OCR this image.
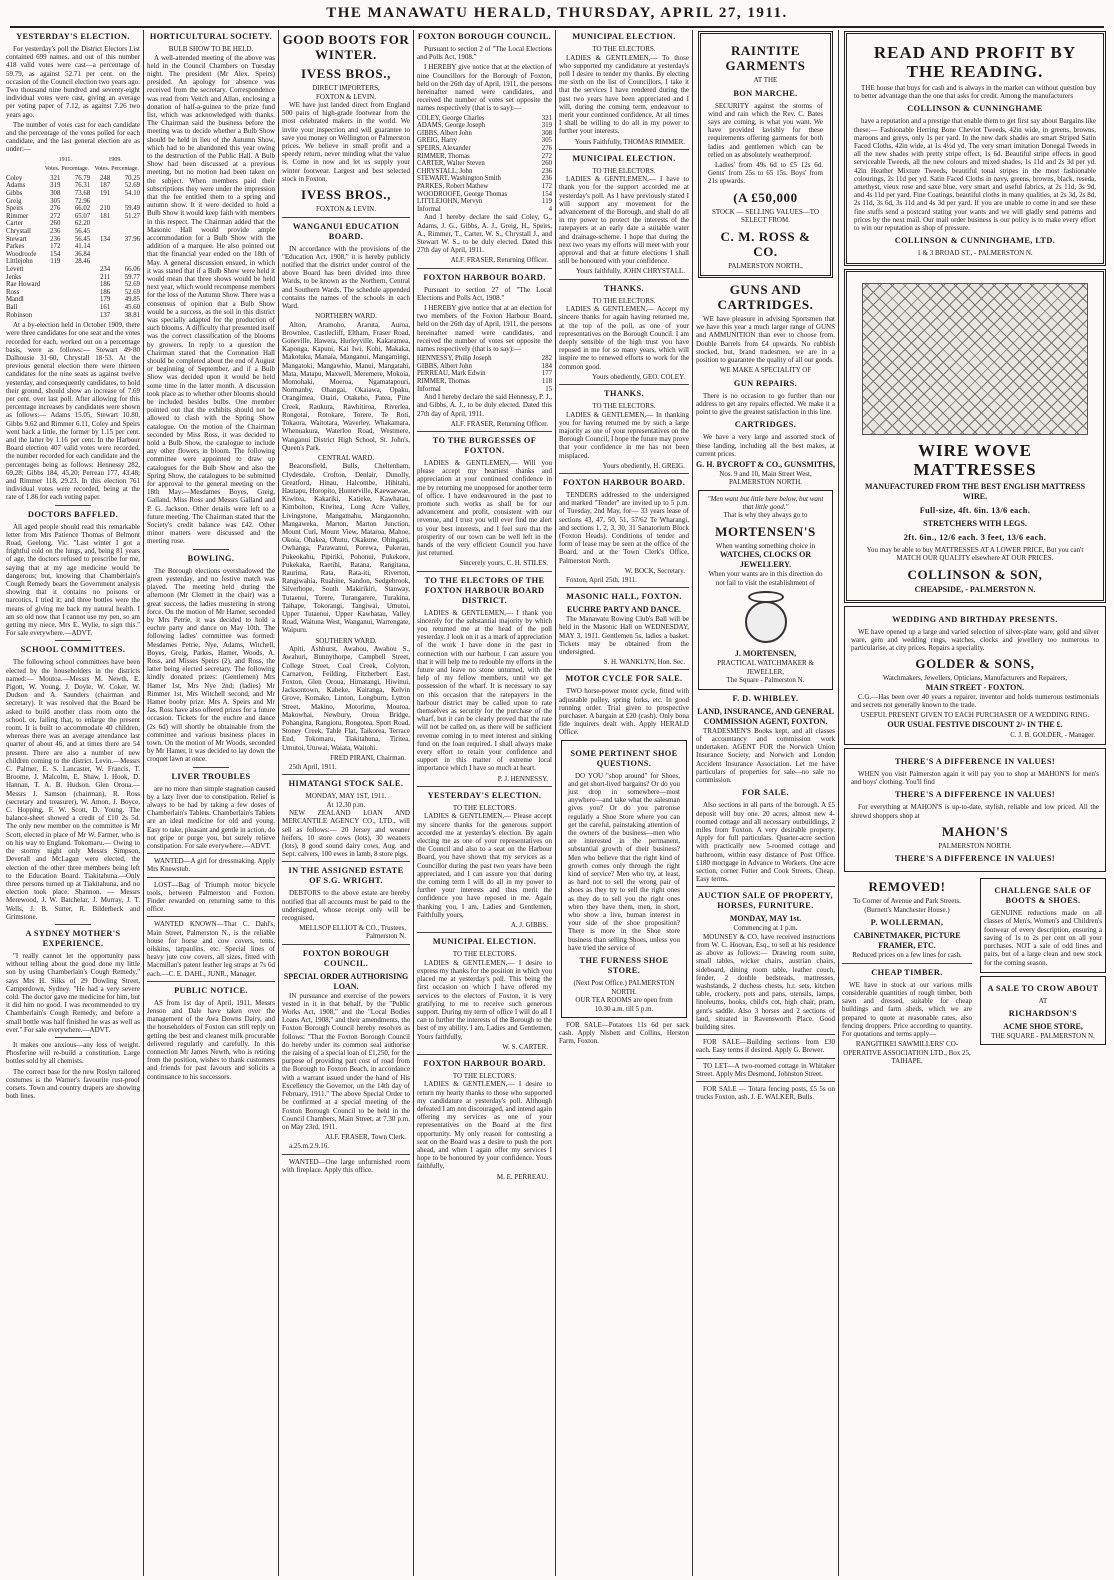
THE MANAWATU HERALD, THURSDAY, APRIL 27, 1911.
YESTERDAY'S ELECTION.
For yesterday's poll the District Electors List contained 699 names, and out of this number 418 valid votes were cast—a percentage of 59.79, as against 52.71 per cent. on the occasion of the Council election two years ago. Two thousand nine hundred and seventy-eight individual votes were cast, giving an average per voting paper of 7.12, as against 7.26 two years ago.
The number of votes cast for each candidate and the percentage of the votes polled for each candidate, and the last general election are as under:—
	1911.		1909.	
	Votes.	Percentage.	Votes.	Percentage.
Coley	321	76.79	248	70.25
Adams	319	76.31	187	52.69
Gibbs	308	73.68	191	54.10
Greig	305	72.96		
Speirs	276	66.02	210	59.49
Rimmer	272	65.07	181	51.27
Carter	260	62.20		
Chrystall	236	56.45		
Stewart	236	56.45	134	37.96
Parkes	172	41.14		
Woodroofe	154	36.84		
Littlejohn	119	28.46		
Levett			234	66.06
Jenks			211	59.77
Rae Howard			186	52.69
Ross			186	52.69
Mandl			179	49.85
Ball			161	45.60
Robinson			137	38.81
At a by-election held in October 1909, there were three candidates for one seat and the votes recorded for each, worked out on a percentage basis, were as follows:— Stewart 49·80 Dalhousie 31·60, Chrystall 18·53. At the previous general election there were thirteen candidates for the nine seats as against twelve yesterday, and consequently candidates, to hold their ground, should show an increase of 7.69 per cent. over last poll. After allowing for this percentage increases by candidates were shown as follows:— Adams 15.05, Stewart 10.80, Gibbs 9.62 and Rimmer 6.11, Coley and Speirs went back a little, the former by 1.15 per cent. and the latter by 1.16 per cent. In the Harbour Board election 407 valid votes were recorded, the number recorded for each candidate and the percentages being as follows: Hennessy 282, 69,28; Gibbs 184, 45,20; Perreau 177, 43.48; and Rimmer 118, 29.23. In this election 761 individual votes were recorded, being at the rate of 1.86 for each voting paper.
DOCTORS BAFFLED.
All aged people should read this remarkable letter from Mrs Patience Thomas of Belmont Road, Geelong, Vic. "Last winter I got a frightful cold on the lungs, and, being 81 years of age, the doctors refused to prescribe for me, saying that at my age medicine would be dangerous; but, knowing that Chamberlain's Cough Remedy bears the Government analysis showing that it contains no poisons or narcotics, I tried it; and three bottles were the means of giving me back my natural health. I am so old now that I cannot use my pen, so am getting my niece, Mrs E. Wylie, to sign this." For sale everywhere.—ADVT.
SCHOOL COMMITTEES.
The following school committees have been elected by the householders in the districts named:— Moutoa.—Messrs M. Newth, E. Pigott, W. Young, J. Doyle, W. Coker, W. Dudson and A. Saunders (chairman and secretary). It was resolved that the Board be asked to build another class room onto the school, or, failing that, to enlarge the present room. It is built to accommodate 40 children, whereas there was an average attendance last quarter of about 46, and at times there are 54 present. There are also a number of new children coming to the district. Levin.—Messrs C. Palmer, E. S. Lancaster, W. Francis, T. Broome, J. Malcolm, E. Shaw, I. Hook, D. Hannan, T. A. B. Hudson. Glen Oroua.—Messrs J. Samson (chairman), R. Ross (secretary and treasurer), W. Amon, J. Boyce, C. Hopping, F. W. Scott, D. Young. The balance-sheet showed a credit of £10 2s 5d. The only new member on the committee is Mr Scott, elected in place of Mr W. Farmer, who is on his way to England. Tokomaru.— Owing to the stormy night only Messrs Simpson, Deverall and McLagan were elected, the election of the other three members being left to the Education Board. Tiakitahuna.—Only three persons turned up at Tiakitahuna, and no election took place. Shannon. — Messrs Merewood, J. W. Batchelar, J. Murray, J. T. Wells, J. B. Sutter, R. Bilderbeck and Grimstone.
A SYDNEY MOTHER'S EXPERIENCE.
"I really cannot let the opportunity pass without telling about the good done my little son by using Chamberlain's Cough Remedy," says Mrs H. Silks of 29 Dowling Street, Camperdown, Sydney. "He had a very severe cold. The doctor gave me medicine for him, but it did him no good. I was recommended to try Chamberlain's Cough Remedy, and before a small bottle was half finished he was as well as ever." For sale everywhere.—ADVT.
It makes one anxious—any loss of weight. Phosferine will re-build a constitution. Large bottles sold by all chemists.
The correct base for the new Roslyn tailored costumes is the Warner's favourite rust-proof corsets. Town and country drapers are showing both lines.
HORTICULTURAL SOCIETY.
BULB SHOW TO BE HELD.
A well-attended meeting of the above was held in the Council Chambers on Tuesday night. The president (Mr Alex. Speirs) presided. An apology for absence was received from the secretary. Correspondence was read from Veitch and Allan, enclosing a donation of half-a-guinea to the prize fund list, which was acknowledged with thanks. The Chairman said the business before the meeting was to decide whether a Bulb Show should be held in lieu of the Autumn Show, which had to be abandoned this year owing to the destruction of the Public Hall. A Bulb Show had been discussed at a previous meeting, but no motion had been taken on the subject. When members paid their subscriptions they were under the impression that the fee entitled them to a spring and autumn show. It it were decided to hold a Bulb Show it would keep faith with members in this respect. The Chairman added that the Masonic Hall would provide ample accommodation for a Bulb Show with the addition of a marquee. He also pointed out that the financial year ended on the 18th of May. A general discussion ensued, in which it was stated that if a Bulb Show were held it would mean that three shows would be held next year, which would recompense members for the loss of the Autumn Show. There was a consensus of opinion that a Bulb Show would be a success, as the soil in this district was specially adapted for the production of such blooms. A difficulty that presented itself was the correct classification of the blooms by growers. In reply to a question the Chairman stated that the Coronation Hall should be completed about the end of August or beginning of September, and if a Bulb Show was decided upon it would be held some time in the latter month. A discussion took place as to whether other blooms should be included besides bulbs. One member pointed out that the exhibits should not be allowed to clash with the Spring Show catalogue. On the motion of the Chairman seconded by Miss Ross, it was decided to hold a Bulb Show, the catalogue to include any other flowers in bloom. The following committee were appointed to draw up catalogues for the Bulb Show and also the Spring Show, the catalogues to be submitted for approval to the general meeting on the 18th May:—Mesdames Boyes, Greig, Galland, Miss Ross and Messrs Galland and P. G. Jackson. Other details were left to a future meeting. The Chairman stated that the Society's credit balance was £42. Other minor matters were discussed and the meeting rose.
BOWLING.
The Borough elections overshadowed the green yesterday, and no festive match was played. The meeting held during the afternoon (Mr Clemett in the chair) was a great success, the ladies mustering in strong force. On the motion of Mr Hamer, seconded by Mrs Petrie, it was decided to hold a euchre party and dance on May 10th. The following ladies' committee was formed: Mesdames Petrie, Nye, Adams, Witchell, Boyes, Greig, Parkes, Hamer, Woods, A. Ross, and Misses Speirs (2), and Ross, the latter being elected secretary. The following kindly donated prizes: (Gentlemen) Mrs Hamer 1st, Mrs Nye 2nd; (ladies) Mr Rimmer 1st, Mrs Witchell second, and Mr Hamer booby prize. Mrs A. Speirs and Mr Jas. Ross have also offered prizes for a future occasion. Tickets for the euchre and dance (2s 6d) will shortly be obtainable from the committee and various business places in town. On the motion of Mr Woods, seconded by Mr Hamer, it was decided to lay down the croquet lawn at once.
LIVER TROUBLES
are no more than simple stagnation caused by a lazy liver due to constipation. Relief is always to be had by taking a few doses of Chamberlain's Tablets. Chamberlain's Tablets are an ideal medicine for old and young. Easy to take, pleasant and gentle in action, do not gripe or purge you, but surely relieve constipation. For sale everywhere.—ADVT.
WANTED—A girl for dressmaking. Apply Mrs Knewstub.
LOST—Bag of Triumph motor bicycle tools, between Palmerston and Foxton. Finder rewarded on returning same to this office.
WANTED KNOWN—That C. Dahl's, Main Street, Palmerston N., is the reliable house for horse and cow covers, tents, oilskins, tarpaulins, etc. Special lines of heavy jute cow covers, all sizes, fitted with Macmillan's patent leather leg straps at 7s 6d each.—C. E. DAHL, JUNR., Manager.
PUBLIC NOTICE.
AS from 1st day of April, 1911, Messrs Jenson and Dale have taken over the management of the Awa Downs Dairy, and the householders of Foxton can still reply on getting the best and cleanest milk procurable delivered regularly and carefully. In this connection Mr James Newth, who is retiring from the position, wishes to thank customers and friends for past favours and solicits a continuance to his successors.
GOOD BOOTS FOR WINTER.
IVESS BROS.,
DIRECT IMPORTERS,
FOXTON & LEVIN.
WE have just landed direct from England 500 pairs of high-grade footwear from the most celebrated makers in the world. We invite your inspection and will guarantee to save you money on Wellington or Palmerston prices. We believe in small profit and a speedy return, never minding what the value is. Come in now and let us supply your winter footwear. Largest and best selected stock in Foxton.
IVESS BROS.,
FOXTON & LEVIN.
WANGANUI EDUCATION BOARD.
IN accordance with the provisions of the "Education Act, 1908," it is hereby publicly notified that the district under control of the above Board has been divided into three Wards, to be known as the Northern, Central and Southern Wards. The schedule appended contains the names of the schools in each Ward.
NORTHERN WARD.
Alton, Aramoho, Araruta, Auroa, Brownlee, Castlecliff, Eltham, Fraser Road, Goneville, Hawera, Hurleyville, Kakaramea, Kaponga, Kapuni, Kai Iwi, Kohi, Makaka, Makotuku, Manaia, Manganui, Mangamingi, Mangatoki, Mangawhio, Manui, Mangatahi, Mata, Matapu, Maxwell, Meremere, Mokoia, Momohaki, Moeroa, Ngamatapouri, Normanby, Ohangai, Okaiawa, Opaku, Orangimea, Otairi, Otakeho, Patea, Pine Creek, Raukura, Rawhitiroa, Riverlea, Rongotai, Rotokare, Torere, Te Roti, Tokaora, Waitotara, Waverley, Whakamara, Whenuakura, Waterloo Road, Westmere, Wanganui District High School, St. John's, Queen's Park.
CENTRAL WARD.
Beaconsfield, Bulls, Cheltenham, Clydesdale, Crofton, Denlair, Dunolly, Greatford, Hinau, Halcombe, Hihitahi, Hautapu, Horopito, Hunterville, Kaewaewae, Kiwitea, Kakariki, Katieke, Kawhatau, Kimbolton, Kiwitea, Long Acre Valley, Livingstone, Mangamahu, Mangaonoho, Mangaweka, Marton, Marton Junction, Mount Curl, Mount View, Mataroa, Mahoe, Okoia, Ohakea, Ohutu, Okakune, Ohingaiti, Owhanga, Parawanui, Porewa, Pukerau, Pukeokahu, Pipiriki, Pohonui, Pukekore, Pukekaka, Raetihi, Ratana, Rangitaua, Raurima, Rata, Rata-iti, Riverton, Rangiwahia, Ruahine, Sandon, Sedgebrook, Silverhope, South Makirikiri, Stanway, Tutaenui, Torere, Turangarere, Turakina, Taihape, Tokorangi, Tangiwai, Umutoi, Upper Tutaenui, Upper Kawhatau, Valley Road, Waituna West, Wanganui, Warrengate, Waipuru.
SOUTHERN WARD.
Apiti, Ashhurst, Awahou, Awahou S., Awahuri, Bunnythorpe, Campbell Street, College Street, Coal Creek, Colyton, Carnarvon, Feilding, Fitzherbert East, Foxton, Glen Oroua, Himatangi, Hiwinui, Jacksontown, Kabeke, Kairanga, Kelvin Grove, Komako, Linton, Longburn, Lytton Street, Makino, Motorimu, Moutoa, Makowhai, Newbury, Oroua Bridge, Pohangina, Rangiotu, Rongotea, Sport Road, Stoney Creek, Table Flat, Taikorea, Terrace End, Tokomaru, Tiakitahuna, Tiritea, Umutoi, Utuwai, Waiata, Waitohi.
FRED PIRANI, Chairman.
25th April, 1911.
HIMATANGI STOCK SALE.
MONDAY, MAY 1ST, 1911.
At 12.30 p.m.
NEW ZEALAND LOAN AND MERCANTILE AGENCY CO., LTD., will sell as follows:— 20 Jersey and weaner heifers, 10 store cows (lots), 30 weaners (lots), 8 good sound dairy cows, Aug. and Sept. calvers, 100 ewes in lamb, 8 store pigs.
IN THE ASSIGNED ESTATE OF S.G. WRIGHT.
DEBTORS to the above estate are hereby notified that all accounts must be paid to the undersigned, whose receipt only will be recognised.
MELLSOP ELLIOT & CO., Trustees, Palmerston N.
FOXTON BOROUGH COUNCIL.
SPECIAL ORDER AUTHORISING LOAN.
IN pursuance and exercise of the powers vested in it in that behalf, by the "Public Works Act, 1908," and the "Local Bodies Loans Act, 1908," and their amendments, the Foxton Borough Council hereby resolves as follows: "That the Foxton Borough Council do hereby under its common seal authorise the raising of a special loan of £1,250, for the purpose of providing part cost of road from the Borough to Foxton Beach, in accordance with a warrant issued under the hand of His Excellency the Governor, on the 14th day of February, 1911." The above Special Order to be confirmed at a special meeting of the Foxton Borough Council to be held in the Council Chambers, Main Street, at 7.30 p.m. on May 23rd, 1911.
ALF. FRASER, Town Clerk.
a.25.m.2.9.16.
WANTED—One large unfurnished room with fireplace. Apply this office.
FOXTON BOROUGH COUNCIL.
Pursuant to section 2 of "The Local Elections and Polls Act, 1908."
I HEREBY give notice that at the election of nine Councillors for the Borough of Foxton, held on the 26th day of April, 1911, the persons hereinafter named were candidates, and received the number of votes set opposite the names respectively (that is to say):—
COLEY, George Charles	321
ADAMS, George Joseph	319
GIBBS, Albert John	308
GREIG, Harry	305
SPEIRS, Alexander	276
RIMMER, Thomas	272
CARTER, Walter Steven	260
CHRYSTALL, John	236
STEWART, Washington Smith	236
PARKES, Robert Mathew	172
WOODROOFE, George Thomas	154
LITTLEJOHN, Mervyn	119
Informal	4
And I hereby declare the said Coley, G., Adams, J. G., Gibbs, A. J., Greig, H., Speirs, A., Rimmer, T., Carter, W. S., Chrystall J., and Stewart W. S., to be duly elected. Dated this 27th day of April, 1911.
ALF. FRASER, Returning Officer.
FOXTON HARBOUR BOARD.
Pursuant to section 27 of "The Local Elections and Polls Act, 1908."
I HEREBY give notice that at an election for two members of the Foxton Harbour Board, held on the 26th day of April, 1911, the persons hereinafter named were candidates, and received the number of votes set opposite the names respectively (that is to say):—
HENNESSY, Philip Joseph	282
GIBBS, Albert John	184
PERREAU, Mark Edwin	177
RIMMER, Thomas	118
Informal	15
And I hereby declare the said Hennessy, P. J., and Gibbs, A. J., to be duly elected. Dated this 27th day of April, 1911.
ALF. FRASER, Returning Officer.
TO THE BURGESSES OF FOXTON.
LADIES & GENTLEMEN,— Will you please accept my heartiest thanks and appreciation at your continued confidence in me by returning me unopposed for another term of office. I have endeavoured in the past to promote such works as shall be for our advancement and profit, consistent with our revenue, and I trust you will ever find me alert to your best interests, and I feel sure that the prosperity of our town can be well left in the hands of the very efficient Council you have just returned.
Sincerely yours, C. H. STILES.
TO THE ELECTORS OF THE FOXTON HARBOUR BOARD DISTRICT.
LADIES & GENTLEMEN,— I thank you sincerely for the substantial majority by which you returned me at the head of the poll yesterday. I look on it as a mark of appreciation of the work I have done in the past in connection with our harbour. I can assure you that it will help me to redouble my efforts in the future and leave no stone unturned, with the help of my fellow members, until we get possession of the wharf. It is necessary to say on this occasion that the ratepayers in the harbour district may be called upon to rate themselves as security for the purchase of the wharf, but it can be clearly proved that the rate will not be called on, as there will be sufficient revenue coming in to meet interest and sinking fund on the loan required. I shall always make every effort to retain your confidence and support in this matter of extreme local importance which I have so much at heart.
P. J. HENNESSY.
YESTERDAY'S ELECTION.
TO THE ELECTORS.
LADIES & GENTLEMEN,— Please accept my sincere thanks for the generous support accorded me at yesterday's election. By again electing me as one of your representatives on the Council and also to a seat on the Harbour Board, you have shown that my services as a Councillor during the past two years have been appreciated, and I can assure you that during the coming term I will do all in my power to further your interests and thus merit the confidence you have reposed in me. Again thanking you, I am, Ladies and Gentlemen, Faithfully yours,
A. J. GIBBS.
MUNICIPAL ELECTION.
TO THE ELECTORS.
LADIES & GENTLEMEN,— I desire to express my thanks for the position in which you placed me at yesterday's poll. This being the first occasion on which I have offered my services to the electors of Foxton, it is very gratifying to me to receive such generous support. During my term of office I will do all I can to further the interests of the Borough to the best of my ability. I am, Ladies and Gentlemen, Yours faithfully,
W. S. CARTER.
FOXTON HARBOUR BOARD.
TO THE ELECTORS.
LADIES & GENTLEMEN,— I desire to return my hearty thanks to those who supported my candidature at yesterday's poll. Although defeated I am not discouraged, and intend again offering my services as one of your representatives on the Board at the first opportunity. My only reason for contesting a seat on the Board was a desire to push the port ahead, and when I again offer my services I hope to be honoured by your confidence. Yours faithfully,
M. E. PERREAU.
MUNICIPAL ELECTION.
TO THE ELECTORS.
LADIES & GENTLEMEN,— To those who supported my candidature at yesterday's poll I desire to tender my thanks. By electing me sixth on the list of Councillors, I take it that the services I have rendered during the past two years have been appreciated and I will, during the coming term, endeavour to merit your continued confidence. At all times I shall be willing to do all in my power to further your interests.
Yours Faithfully, THOMAS RIMMER.
MUNICIPAL ELECTION.
TO THE ELECTORS.
LADIES & GENTLEMEN,— I have to thank you for the support accorded me at yesterday's poll. As I have previously stated I will support any movement for the advancement of the Borough, and shall do all in my power to protect the interests of the ratepayers at an early date a suitable water and drainage-scheme. I hope that during the next two years my efforts will meet with your approval and that at future elections I shall still be honoured with your confidence.
Yours faithfully, JOHN CHRYSTALL.
THANKS.
TO THE ELECTORS.
LADIES & GENTLEMEN,— Accept my sincere thanks for again having returned me, at the top of the poll, as one of your representatives on the Borough Council. I am deeply sensible of the high trust you have reposed in me for so many years, which will inspire me to renewed efforts to work for the common good.
Yours obediently, GEO. COLEY.
THANKS.
TO THE ELECTORS.
LADIES & GENTLEMEN,— In thanking you for having returned me by such a large majority as one of your representatives on the Borough Council, I hope the future may prove that your confidence in me has not been misplaced.
Yours obediently, H. GREIG.
FOXTON HARBOUR BOARD.
TENDERS addressed to the undersigned and marked "Tender" are invited up to 5 p.m. of Tuesday, 2nd May, for— 33 years lease of sections 43, 47, 50, 51, 57/62 Te Wharangi, and sections 1, 2, 3, 30, 31 Sanatorium Block (Foxton Heads). Conditions of tender and form of lease may be seen at the office of the Board, and at the Town Clerk's Office, Palmerston North.
W. BOCK, Secretary.
Foxton, April 25th, 1911.
MASONIC HALL, FOXTON.
EUCHRE PARTY AND DANCE.
The Manawatu Rowing Club's Ball will be held in the Masonic Hall on WEDNESDAY, MAY 3, 1911. Gentlemen 5s, ladies a basket. Tickets may be obtained from the undersigned.
S. H. WANKLYN, Hon. Sec.
MOTOR CYCLE FOR SALE.
TWO horse-power motor cycle, fitted with adjustable pulley, spring forks, etc. In good running order. Trial given to prospective purchaser. A bargain at £20 (cash). Only bona fide inquirers dealt with. Apply HERALD Office.
SOME PERTINENT SHOE QUESTIONS.
DO YOU "shop around" for Shoes, and get short-lived bargains? Or do you just drop in somewhere—most anywhere—and take what the salesman gives you? Or do you patronise regularly a Shoe Store where you can get the careful, painstaking attention of the owners of the business—men who are interested in the permanent, substantial growth of their business? Men who believe that the right kind of growth comes only through the right kind of service? Men who try, at least, as hard not to sell the wrong pair of shoes as they try to sell the right ones as they do to sell you the right ones when they have them, men, in short, who show a live, human interest in your side of the shoe proposition? There is more in the Shoe store business than selling Shoes, unless you have tried the service of
THE FURNESS SHOE STORE.
(Next Post Office.) PALMERSTON NORTH.
OUR TEA ROOMS are open from 10.30 a.m. till 5 p.m.
FOR SALE—Potatoes 11s 6d per sack cash. Apply Nisbett and Collins, Herston Farm, Foxton.
RAINTITE GARMENTS
AT THE
BON MARCHE.
SECURITY against the storms of wind and rain which the Rev. C. Bates says are coming, is what you want. We have provided lavishly for these requirements offering garments for both ladies and gentlemen which can be relied on as absolutely weatherproof.
Ladies' from 49s 6d to £5 12s 6d. Gents' from 25s to 65 15s. Boys' from 21s upwards.
(A £50,000
STOCK — SELLING VALUES—TO SELECT FROM.
C. M. ROSS & CO.
PALMERSTON NORTH.,
GUNS AND CARTRIDGES.
WE have pleasure in advising Sportsmen that we have this year a much larger range of GUNS and AMMUNITION than ever to choose from. Double Barrels from £4 upwards. No rubbish stocked, but, brand tradesmen, we are in a position to guarantee the quality of all our goods.
WE MAKE A SPECIALITY OF
GUN REPAIRS.
There is no occasion to go further than our address to get any repairs effected. We make it a point to give the greatest satisfaction in this line.
CARTRIDGES.
We have a very large and assorted stock of these landing, including all the best makes, at current prices.
G. H. BYCROFT & CO., GUNSMITHS,
Nos. 9 and 10, Main Street West, PALMERSTON NORTH.
"Men want but little here below, but want that little good."
That is why they always go to
MORTENSEN'S
When wanting something choice in
WATCHES, CLOCKS OR JEWELLERY.
When your wants are in this direction do not fail to visit the establishment of
J. MORTENSEN,
PRACTICAL WATCHMAKER & JEWELLER,
The Square - Palmerston N.
F. D. WHIBLEY.
LAND, INSURANCE, AND GENERAL COMMISSION AGENT, FOXTON.
TRADESMEN'S Books kept, and all classes of accountancy and commission work undertaken. AGENT FOR the Norwich Union Insurance Society, and Norwich and London Accident Insurance Association. Let me have particulars of properties for sale—no sale no commission.
FOR SALE.
Also sections in all parts of the borough. A £5 deposit will buy one. 20 acres, almost new 4-roomed cottage and all necessary outbuildings, 2 miles from Foxton. A very desirable property. Apply for full particulars. Quarter-acre section with practically new 5-roomed cottage and bathroom, within easy distance of Post Office. £180 mortgage in Advance to Workers. One acre section, corner Futter and Cook Streets. Cheap. Easy terms.
AUCTION SALE OF PROPERTY, HORSES, FURNITURE.
MONDAY, MAY 1st.
Commencing at 1 p.m.
MOUNSEY & CO. have received instructions from W. C. Hoovan, Esq., to sell at his residence as above as follows:— Drawing room suite, small tables, wicker chairs, austrian chairs, sideboard, dining room table, leather couch, fender, 2 double bedsteads, mattresses, washstands, 2 duchess chests, h.r. sets, kitchen table, crockery, pots and pans, utensils, lamps, linoleums, books, child's cot, high chair, pram, gent's saddle. Also 3 horses and 2 sections of land, situated in Ravensworth Place. Good building sites.
FOR SALE—Building sections from £30 each. Easy terms if desired. Apply G. Brewer.
TO LET—A two-roomed cottage in Whitaker Street. Apply Mrs Desmond, Johnston Street.
FOR SALE — Totara fencing posts, £5 5s on trucks Foxton, ash. J. E. WALKER, Bulls.
READ AND PROFIT BY THE READING.
THE house that buys for cash and is always in the market can without question buy to better advantage than the one that asks for credit. Among the manufacturers
COLLINSON & CUNNINGHAME
have a reputation and a prestige that enable them to get first say about Bargains like these:— Fashionable Herring Bone Cheviot Tweeds, 42in wide, in greens, browns, maroons and greys, only 1s per yard. In the new dark shades are smart Striped Satin Faced Cloths, 42in wide, at 1s 4½d yd. The very smart imitation Donegal Tweeds in all the new shades with pretty stripe effect, 1s 6d. Beautiful stripe effects in good serviceable Tweeds, all the new colours and mixed shades, 1s 11d and 2s 3d per yd. 42in Heather Mixture Tweeds, beautiful tonal stripes in the most fashionable colourings, 2s 11d per yd. Satin Faced Cloths in navy, greens, browns, black, reseda, amethyst, vieux rose and saxe blue, very smart and useful fabrics, at 2s 11d, 3s 9d, and 4s 11d per yard. Fine Coatings, beautiful cloths in many qualities, at 2s 3d, 2s 8d, 2s 11d, 3s 6d, 3s 11d and 4s 3d per yard. If you are unable to come in and see these fine stuffs send a postcard stating your wants and we will gladly send patterns and prices by the next mail. Our mail order business is our policy is to make every effort to win our reputation as shop of pressure.
COLLINSON & CUNNINGHAME, LTD.
1 & 3 BROAD ST., - PALMERSTON N.
WIRE WOVE MATTRESSES
MANUFACTURED FROM THE BEST ENGLISH MATTRESS WIRE.
Full-size, 4ft. 6in. 13/6 each.
STRETCHERS WITH LEGS.
2ft. 6in., 12/6 each. 3 feet, 13/6 each.
You may be able to buy MATTRESSES AT A LOWER PRICE, But you can't MATCH OUR QUALITY elsewhere AT OUR PRICES.
COLLINSON & SON,
CHEAPSIDE, - PALMERSTON N.
WEDDING AND BIRTHDAY PRESENTS.
WE have opened up a large and varied selection of silver-plate ware, gold and silver ware, gem and wedding rings, watches, clocks and jewellery too numerous to particularise, at city prices. Repairs a speciality.
GOLDER & SONS,
Watchmakers, Jewellers, Opticians, Manufacturers and Repairers,
MAIN STREET - FOXTON.
C.G.—Has been over 40 years a repairer, inventor and holds numerous testimonials and secrets not generally known to the trade.
USEFUL PRESENT GIVEN TO EACH PURCHASER OF A WEDDING RING.
OUR USUAL FESTIVE DISCOUNT 2/- IN THE £.
C. J. B. GOLDER, - Manager.
THERE'S A DIFFERENCE IN VALUES!
WHEN you visit Palmerston again it will pay you to shop at MAHON'S for men's and boys' clothing. You'll find
THERE'S A DIFFERENCE IN VALUES!
For everything at MAHON'S is up-to-date, stylish, reliable and low priced. All the shrewd shoppers shop at
MAHON'S
PALMERSTON NORTH.
THERE'S A DIFFERENCE IN VALUES!
REMOVED!
To Corner of Avenue and Park Streets. (Burnett's Manchester House.)
P. WOLLERMAN,
CABINETMAKER, PICTURE FRAMER, ETC.
Reduced prices on a few lines for cash.
CHEAP TIMBER.
WE have in stock at our various mills considerable quantities of rough timber, both sawn and dressed, suitable for cheap buildings and farm sheds, which we are prepared to quote at reasonable rates, also fencing droppers. Price according to quantity. For quotations and terms apply—
RANGITIKEI SAWMILLERS' CO-OPERATIVE ASSOCIATION LTD., Box 25, TAIHAPE.
CHALLENGE SALE OF BOOTS & SHOES.
GENUINE reductions made on all classes of Men's, Women's and Children's footwear of every description, ensuring a saving of 1s to 2s per cent on all your purchases. NOT a sale of odd lines and pairs, but of a large clean and new stock for the coming season.
A SALE TO CROW ABOUT
AT
RICHARDSON'S
ACME SHOE STORE,
THE SQUARE - PALMERSTON N.
